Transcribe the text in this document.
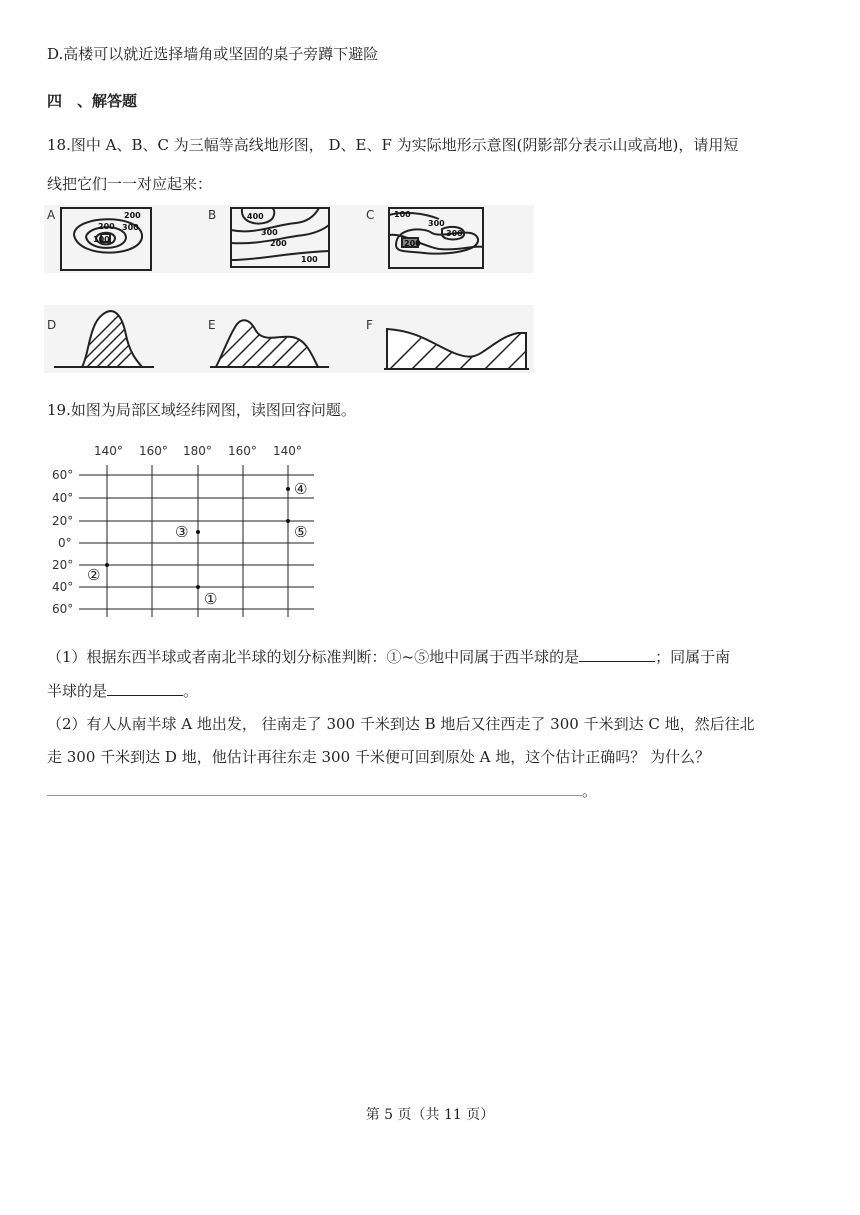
D.高楼可以就近选择墙角或坚固的桌子旁蹲下避险
四　、解答题
18.图中 A、B、C 为三幅等高线地形图， D、E、F 为实际地形示意图(阴影部分表示山或高地)，请用短
线把它们一一对应起来：
A	B	C
D	E	F
100
200 300
200	400
300
200
100
100
300
300
200
19.如图为局部区域经纬网图，读图回容问题。
140° 160° 180° 160° 140°
60°
40°
20°
0°
20°
40°
60°
①
②
③
④
⑤
（1）根据东西半球或者南北半球的划分标准判断：①~⑤地中同属于西半球的是	；同属于南
半球的是	。
（2）有人从南半球 A 地出发， 往南走了 300 千米到达 B 地后又往西走了 300 千米到达 C 地，然后往北
走 300 千米到达 D 地，他估计再往东走 300 千米便可回到原处 A 地，这个估计正确吗？ 为什么？
。
第 5 页（共 11 页）
